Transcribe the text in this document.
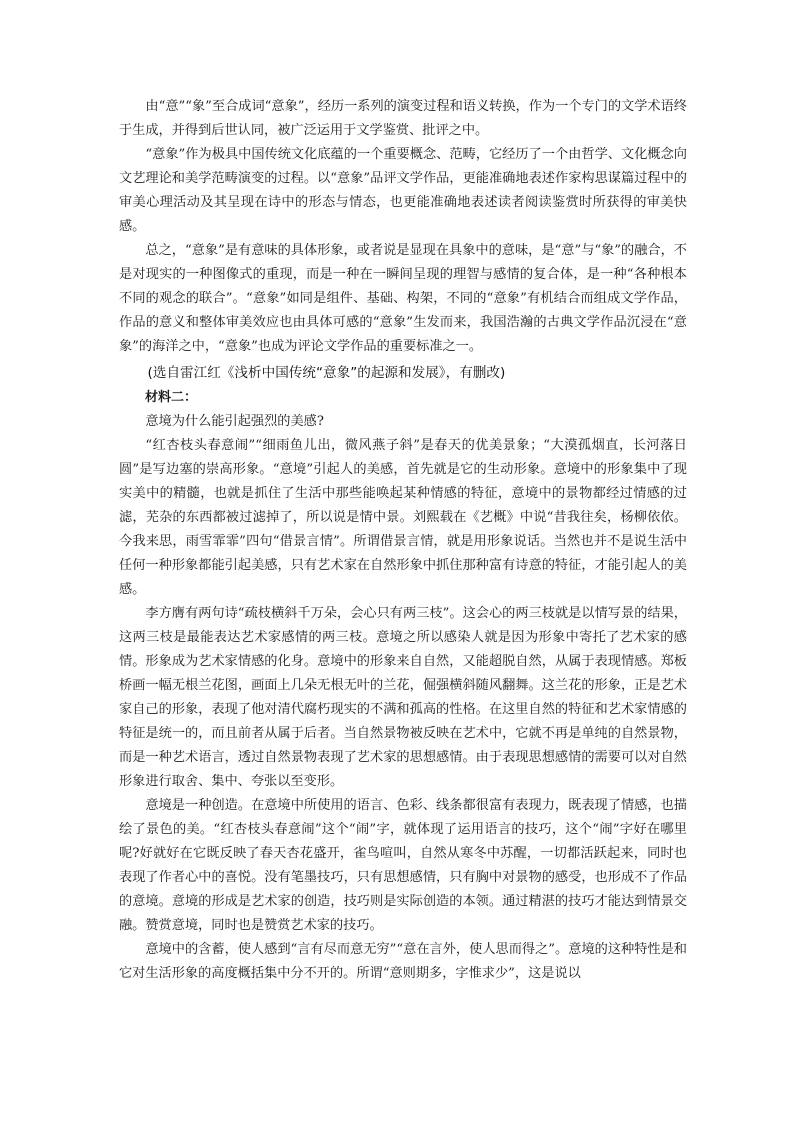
由“意”“象”至合成词“意象”，经历一系列的演变过程和语义转换，作为一个专门的文学术语终于生成，并得到后世认同，被广泛运用于文学鉴赏、批评之中。

“意象”作为极具中国传统文化底蕴的一个重要概念、范畴，它经历了一个由哲学、文化概念向文艺理论和美学范畴演变的过程。以“意象”品评文学作品，更能准确地表述作家构思谋篇过程中的审美心理活动及其呈现在诗中的形态与情态，也更能准确地表述读者阅读鉴赏时所获得的审美快感。

总之，“意象”是有意味的具体形象，或者说是显现在具象中的意味，是“意”与“象”的融合，不是对现实的一种图像式的重现，而是一种在一瞬间呈现的理智与感情的复合体，是一种“各种根本不同的观念的联合”。“意象”如同是组件、基础、构架，不同的“意象”有机结合而组成文学作品，作品的意义和整体审美效应也由具体可感的“意象”生发而来，我国浩瀚的古典文学作品沉浸在“意象”的海洋之中，“意象”也成为评论文学作品的重要标准之一。

(选自雷江红《浅析中国传统“意象”的起源和发展》，有删改)

材料二：

意境为什么能引起强烈的美感?

“红杏枝头春意闹”“细雨鱼儿出，微风燕子斜”是春天的优美景象；“大漠孤烟直，长河落日圆”是写边塞的崇高形象。“意境”引起人的美感，首先就是它的生动形象。意境中的形象集中了现实美中的精髓，也就是抓住了生活中那些能唤起某种情感的特征，意境中的景物都经过情感的过滤，芜杂的东西都被过滤掉了，所以说是情中景。刘熙载在《艺概》中说“昔我往矣，杨柳依依。今我来思，雨雪霏霏”四句“借景言情”。所谓借景言情，就是用形象说话。当然也并不是说生活中任何一种形象都能引起美感，只有艺术家在自然形象中抓住那种富有诗意的特征，才能引起人的美感。

李方膺有两句诗“疏枝横斜千万朵，会心只有两三枝”。这会心的两三枝就是以情写景的结果，这两三枝是最能表达艺术家感情的两三枝。意境之所以感染人就是因为形象中寄托了艺术家的感情。形象成为艺术家情感的化身。意境中的形象来自自然，又能超脱自然，从属于表现情感。郑板桥画一幅无根兰花图，画面上几朵无根无叶的兰花，倔强横斜随风翻舞。这兰花的形象，正是艺术家自己的形象，表现了他对清代腐朽现实的不满和孤高的性格。在这里自然的特征和艺术家情感的特征是统一的，而且前者从属于后者。当自然景物被反映在艺术中，它就不再是单纯的自然景物，而是一种艺术语言，透过自然景物表现了艺术家的思想感情。由于表现思想感情的需要可以对自然形象进行取舍、集中、夸张以至变形。

意境是一种创造。在意境中所使用的语言、色彩、线条都很富有表现力，既表现了情感，也描绘了景色的美。“红杏枝头春意闹”这个“闹”字，就体现了运用语言的技巧，这个“闹”字好在哪里呢?好就好在它既反映了春天杏花盛开，雀鸟喧叫，自然从寒冬中苏醒，一切都活跃起来，同时也表现了作者心中的喜悦。没有笔墨技巧，只有思想感情，只有胸中对景物的感受，也形成不了作品的意境。意境的形成是艺术家的创造，技巧则是实际创造的本领。通过精湛的技巧才能达到情景交融。赞赏意境，同时也是赞赏艺术家的技巧。

意境中的含蓄，使人感到“言有尽而意无穷”“意在言外，使人思而得之”。意境的这种特性是和它对生活形象的高度概括集中分不开的。所谓“意则期多，字惟求少”，这是说以
